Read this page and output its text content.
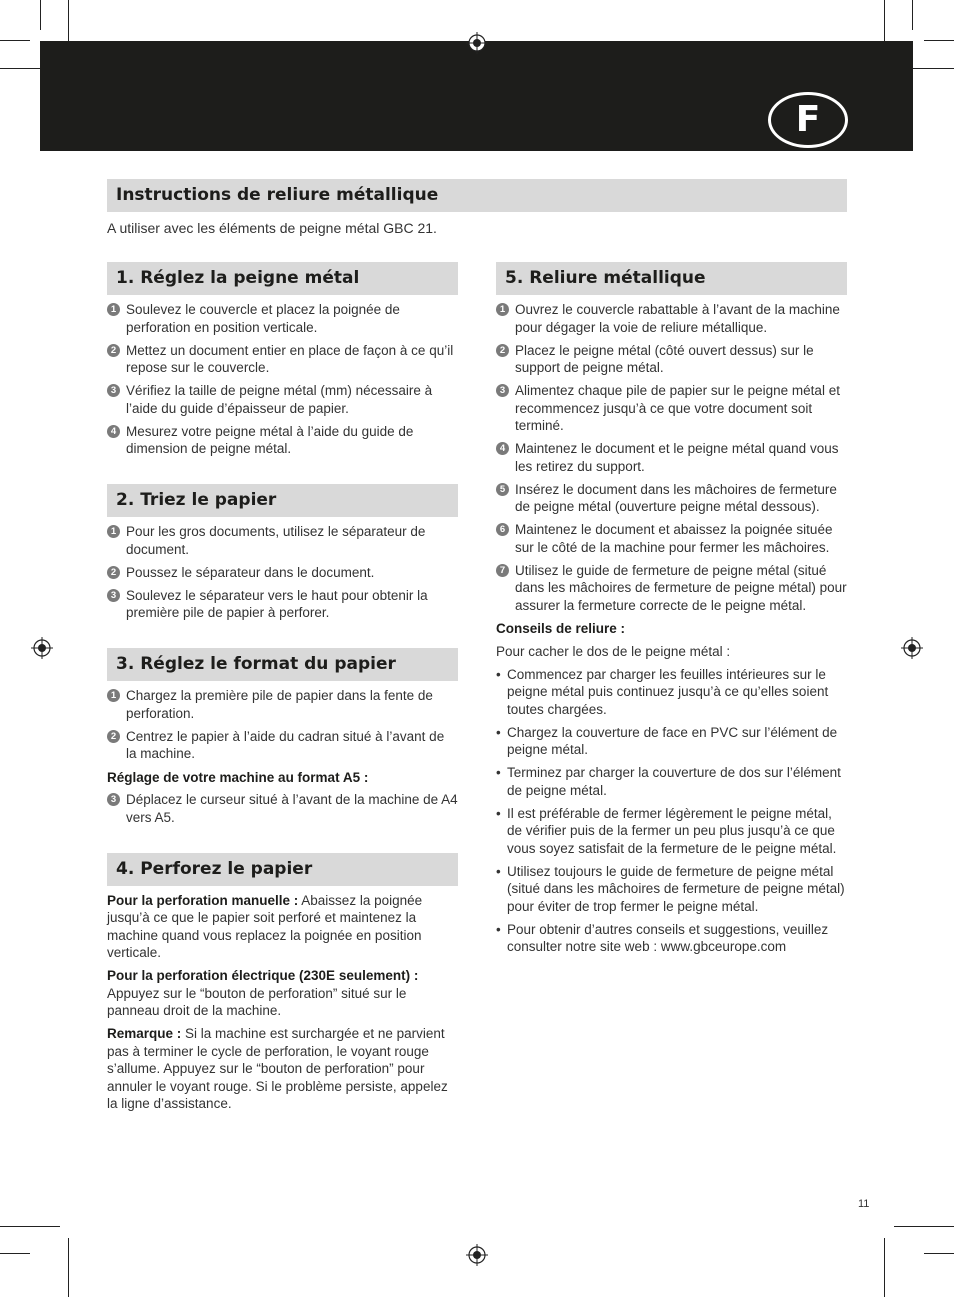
F
Instructions de reliure métallique
A utiliser avec les éléments de peigne métal GBC 21.
1. Réglez la peigne métal
1 Soulevez le couvercle et placez la poignée de perforation en position verticale.
2 Mettez un document entier en place de façon à ce qu’il repose sur le couvercle.
3 Vérifiez la taille de peigne métal (mm) nécessaire à l’aide du guide d’épaisseur de papier.
4 Mesurez votre peigne métal à l’aide du guide de dimension de peigne métal.
2. Triez le papier
1 Pour les gros documents, utilisez le séparateur de document.
2 Poussez le séparateur dans le document.
3 Soulevez le séparateur vers le haut pour obtenir la première pile de papier à perforer.
3. Réglez le format du papier
1 Chargez la première pile de papier dans la fente de perforation.
2 Centrez le papier à l’aide du cadran situé à l’avant de la machine.
Réglage de votre machine au format A5 :
3 Déplacez le curseur situé à l’avant de la machine de A4 vers A5.
4. Perforez le papier
Pour la perforation manuelle : Abaissez la poignée jusqu’à ce que le papier soit perforé et maintenez la machine quand vous replacez la poignée en position verticale.
Pour la perforation électrique (230E seulement) : Appuyez sur le “bouton de perforation” situé sur le panneau droit de la machine.
Remarque : Si la machine est surchargée et ne parvient pas à terminer le cycle de perforation, le voyant rouge s’allume. Appuyez sur le “bouton de perforation” pour annuler le voyant rouge. Si le problème persiste, appelez la ligne d’assistance.
5. Reliure métallique
1 Ouvrez le couvercle rabattable à l’avant de la machine pour dégager la voie de reliure métallique.
2 Placez le peigne métal (côté ouvert dessus) sur le support de peigne métal.
3 Alimentez chaque pile de papier sur le peigne métal et recommencez jusqu’à ce que votre document soit terminé.
4 Maintenez le document et le peigne métal quand vous les retirez du support.
5 Insérez le document dans les mâchoires de fermeture de peigne métal (ouverture peigne métal dessous).
6 Maintenez le document et abaissez la poignée située sur le côté de la machine pour fermer les mâchoires.
7 Utilisez le guide de fermeture de peigne métal (situé dans les mâchoires de fermeture de peigne métal) pour assurer la fermeture correcte de le peigne métal.
Conseils de reliure :
Pour cacher le dos de le peigne métal :
• Commencez par charger les feuilles intérieures sur le peigne métal puis continuez jusqu’à ce qu’elles soient toutes chargées.
• Chargez la couverture de face en PVC sur l’élément de peigne métal.
• Terminez par charger la couverture de dos sur l’élément de peigne métal.
• Il est préférable de fermer légèrement le peigne métal, de vérifier puis de la fermer un peu plus jusqu’à ce que vous soyez satisfait de la fermeture de le peigne métal.
• Utilisez toujours le guide de fermeture de peigne métal (situé dans les mâchoires de fermeture de peigne métal) pour éviter de trop fermer le peigne métal.
• Pour obtenir d’autres conseils et suggestions, veuillez consulter notre site web : www.gbceurope.com
11
